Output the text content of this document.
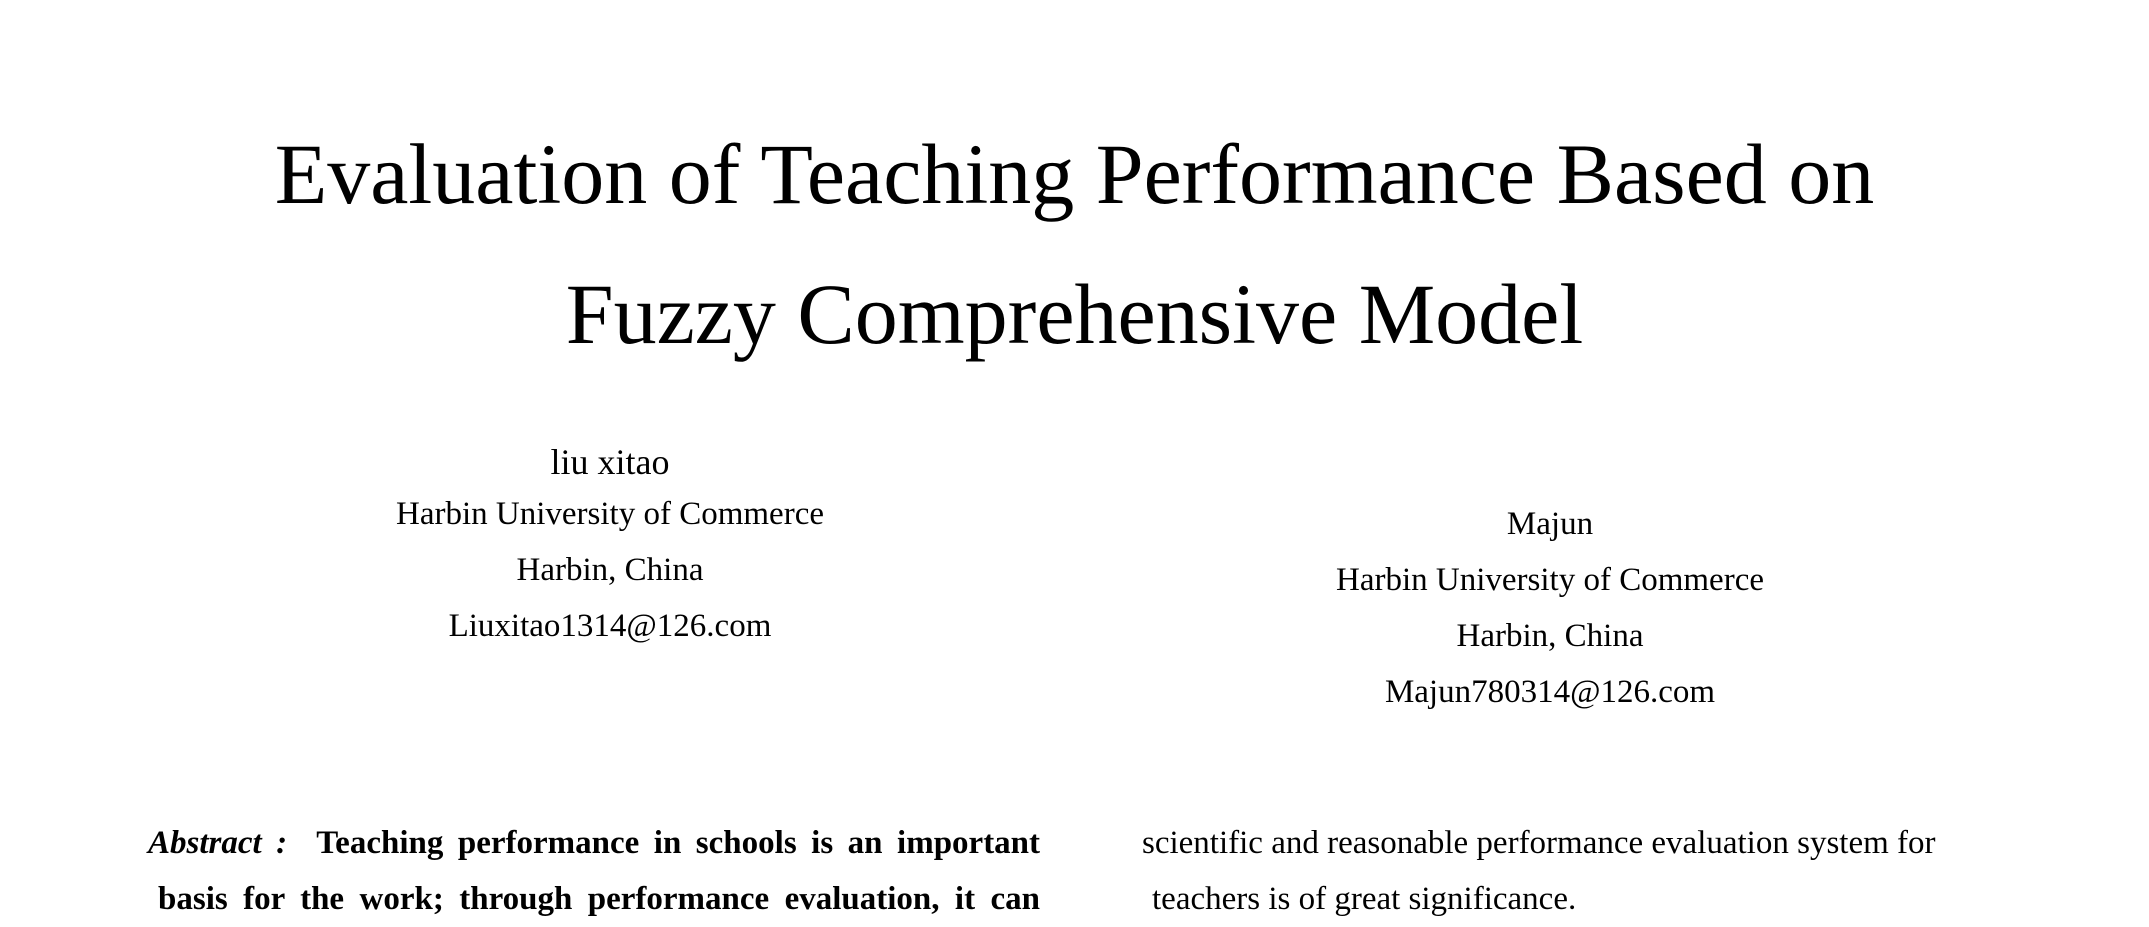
Evaluation of Teaching Performance Based on
Fuzzy Comprehensive Model
liu xitao
Harbin University of Commerce
Harbin, China
Liuxitao1314@126.com
Majun
Harbin University of Commerce
Harbin, China
Majun780314@126.com
Abstract : Teaching performance in schools is an important
basis for the work; through performance evaluation, it can
scientific and reasonable performance evaluation system for
teachers is of great significance.
